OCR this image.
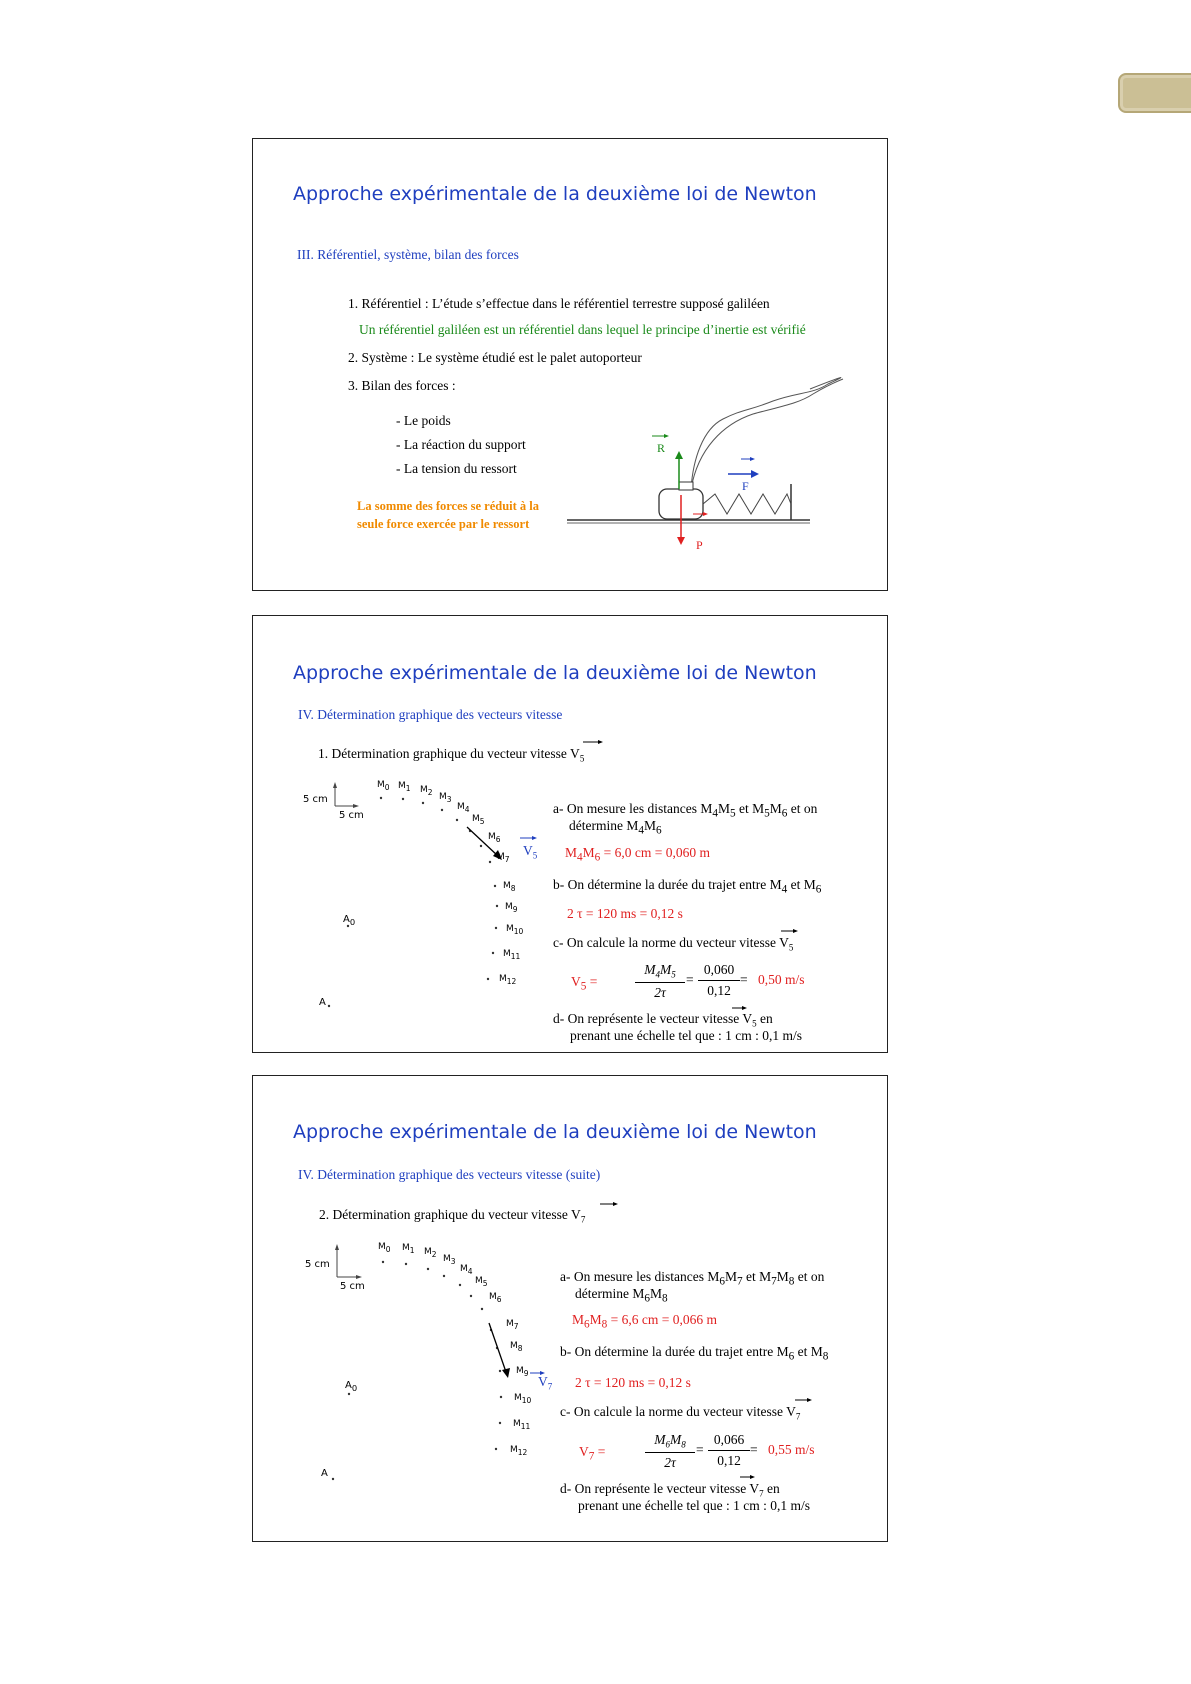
Approche expérimentale de la deuxième loi de Newton
III. Référentiel, système, bilan des forces
1. Référentiel : L’étude s’effectue dans le référentiel terrestre supposé galiléen
Un référentiel galiléen est un référentiel dans lequel le principe d’inertie est vérifié
2. Système : Le système étudié est le palet autoporteur
3. Bilan des forces :
- Le poids
- La réaction du support
- La tension du ressort
La somme des forces se réduit à la
seule force exercée par le ressort
R
F
P
Approche expérimentale de la deuxième loi de Newton
IV. Détermination graphique des vecteurs vitesse
1. Détermination graphique du vecteur vitesse $V_5$
5 cm
5 cm
$M_0$ $M_1$ $M_2$ $M_3$
$M_4$
$M_5$
$M_6$
$M_7$
$M_8$
$M_9$
$M_{10}$
$M_{11}$
$M_{12}$
$A_0$
A
$V_5$
a- On mesure les distances $M_4M_5$ et $M_5M_6$ et on
détermine $M_4M_6$
$M_4M_6 = 6,0$ cm = 0,060 m
b- On détermine la durée du trajet entre $M_4$ et $M_6$
2 τ = 120 ms = 0,12 s
c- On calcule la norme du vecteur vitesse $V_5$
$V_5$ =	$\frac{M_4M_5}{2\tau} = \frac{0,060}{0,12} = 0,50$ m/s
d- On représente le vecteur vitesse $V_5$ en
prenant une échelle tel que : 1 cm : 0,1 m/s
Approche expérimentale de la deuxième loi de Newton
IV. Détermination graphique des vecteurs vitesse (suite)
2. Détermination graphique du vecteur vitesse $V_7$
5 cm
5 cm
$M_0$ $M_1$ $M_2$ $M_3$
$M_4$
$M_5$
$M_6$
$M_7$
$M_8$
$M_9$
$M_{10}$
$M_{11}$
$M_{12}$
$A_0$
A
$V_7$
a- On mesure les distances $M_6M_7$ et $M_7M_8$ et on
détermine $M_6M_8$
$M_6M_8 = 6,6$ cm = 0,066 m
b- On détermine la durée du trajet entre $M_6$ et $M_8$
2 τ = 120 ms = 0,12 s
c- On calcule la norme du vecteur vitesse $V_7$
$V_7$ =	$\frac{M_6M_8}{2\tau} = \frac{0,066}{0,12} = 0,55$ m/s
d- On représente le vecteur vitesse $V_7$ en
prenant une échelle tel que : 1 cm : 0,1 m/s
